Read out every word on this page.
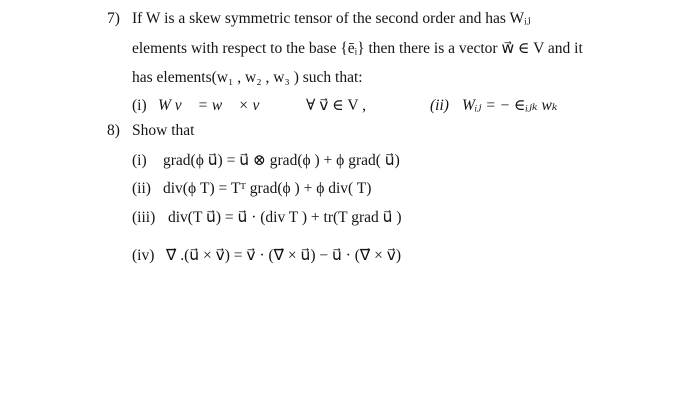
7) If W is a skew symmetric tensor of the second order and has Wᵢⱼ
elements with respect to the base {ēᵢ} then there is a vector w⃗ ∈ V and it
has elements(w₁ , w₂ , w₃ ) such that:
(i) W v⃗ = w⃗ × v⃗ ∀ v⃗ ∈ V ,	(ii) Wᵢⱼ = − ∈ᵢⱼₖ wₖ
8) Show that
(i) grad(ϕ u⃗) = u⃗ ⊗ grad(ϕ ) + ϕ grad( u⃗)
(ii) div(ϕ T) = Tᵀ grad(ϕ ) + ϕ div( T)
(iii) div(T u⃗) = u⃗ · (div T ) + tr(T grad u⃗ )
(iv) ∇⃗ .(u⃗ × v⃗) = v⃗ · (∇⃗ × u⃗) − u⃗ · (∇⃗ × v⃗)
